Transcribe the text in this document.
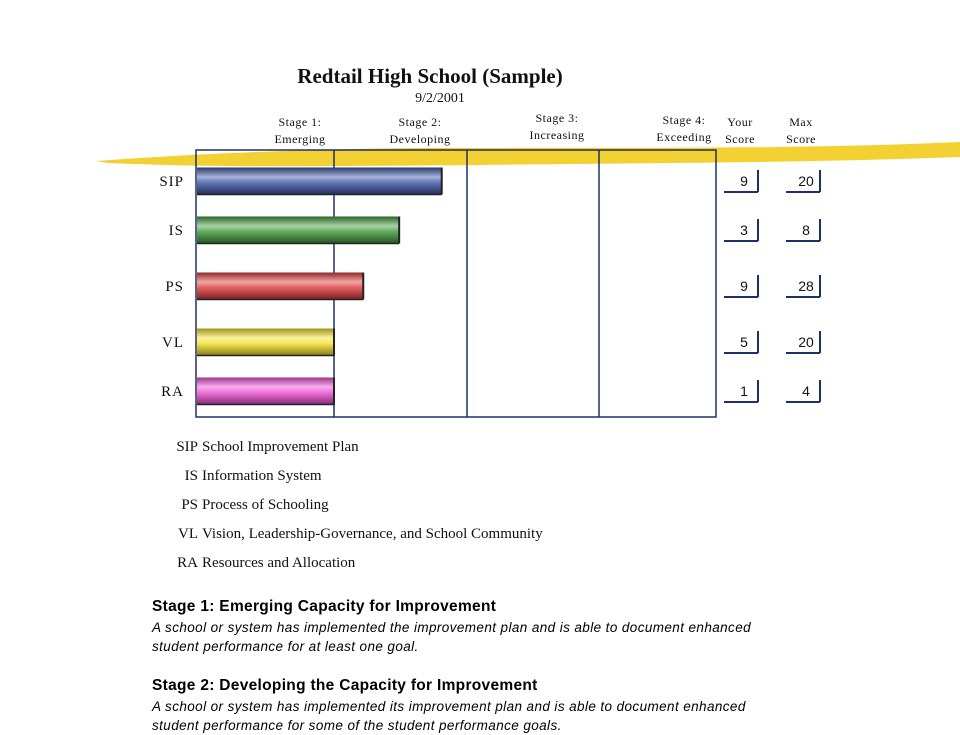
Redtail High School (Sample)
9/2/2001
Stage 1:
Emerging
Stage 2:
Developing
Stage 3:
Increasing
Stage 4:
Exceeding
Your
Score
Max
Score
SIP	9	20
IS	3	8
PS	9	28
VL	5	20
RA	1	4
SIP School Improvement Plan
IS Information System
PS Process of Schooling
VL Vision, Leadership-Governance, and School Community
RA Resources and Allocation
Stage 1: Emerging Capacity for Improvement
A school or system has implemented the improvement plan and is able to document enhanced
student performance for at least one goal.
Stage 2: Developing the Capacity for Improvement
A school or system has implemented its improvement plan and is able to document enhanced
student performance for some of the student performance goals.
